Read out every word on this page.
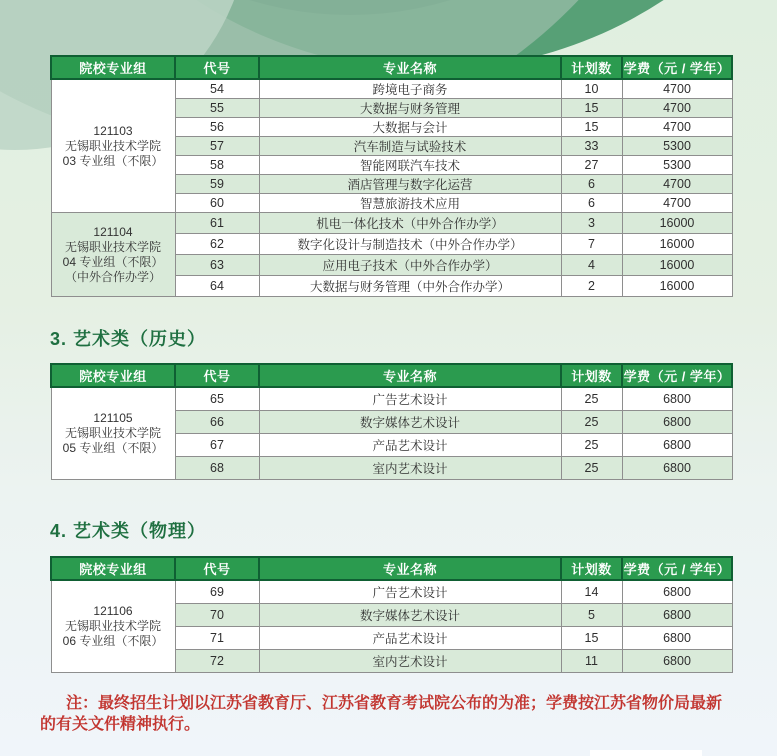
院校专业组	代号	专业名称	计划数	学费（元 / 学年）

121103
无锡职业技术学院
03 专业组（不限）	54	跨境电子商务	10	4700
	55	大数据与财务管理	15	4700
	56	大数据与会计	15	4700
	57	汽车制造与试验技术	33	5300
	58	智能网联汽车技术	27	5300
	59	酒店管理与数字化运营	6	4700
	60	智慧旅游技术应用	6	4700

121104
无锡职业技术学院
04 专业组（不限）
（中外合作办学）	61	机电一体化技术（中外合作办学）	3	16000
	62	数字化设计与制造技术（中外合作办学）	7	16000
	63	应用电子技术（中外合作办学）	4	16000
	64	大数据与财务管理（中外合作办学）	2	16000
3. 艺术类（历史）
院校专业组	代号	专业名称	计划数	学费（元 / 学年）

121105
无锡职业技术学院
05 专业组（不限）	65	广告艺术设计	25	6800
	66	数字媒体艺术设计	25	6800
	67	产品艺术设计	25	6800
	68	室内艺术设计	25	6800
4. 艺术类（物理）
院校专业组	代号	专业名称	计划数	学费（元 / 学年）

121106
无锡职业技术学院
06 专业组（不限）	69	广告艺术设计	14	6800
	70	数字媒体艺术设计	5	6800
	71	产品艺术设计	15	6800
	72	室内艺术设计	11	6800
注：最终招生计划以江苏省教育厅、江苏省教育考试院公布的为准；学费按江苏省物价局最新的有关文件精神执行。
